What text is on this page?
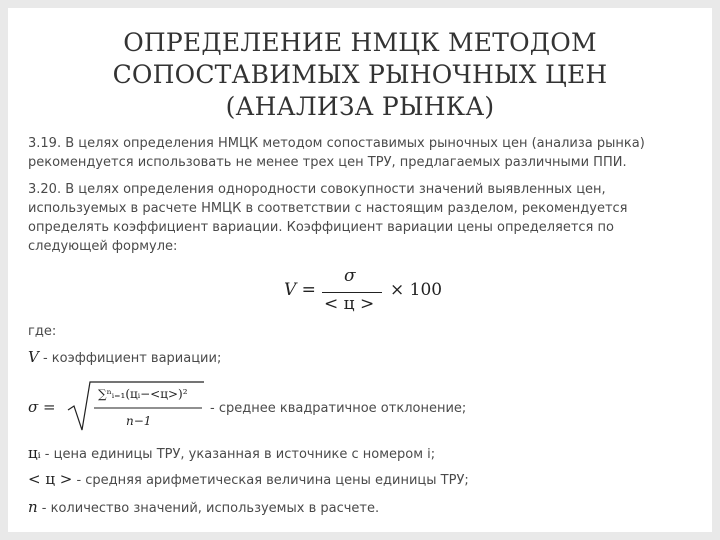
ОПРЕДЕЛЕНИЕ НМЦК МЕТОДОМ
СОПОСТАВИМЫХ РЫНОЧНЫХ ЦЕН
(АНАЛИЗА РЫНКА)
3.19. В целях определения НМЦК методом сопоставимых рыночных цен (анализа рынка)
рекомендуется использовать не менее трех цен ТРУ, предлагаемых различными ППИ.
3.20. В целях определения однородности совокупности значений выявленных цен,
используемых в расчете НМЦК в соответствии с настоящим разделом, рекомендуется
определять коэффициент вариации. Коэффициент вариации цены определяется по
следующей формуле:
V =
σ
< ц >
× 100
где:
V - коэффициент вариации;
σ =
∑ⁿᵢ₌₁(цᵢ−<ц>)²
n−1
- среднее квадратичное отклонение;
цᵢ - цена единицы ТРУ, указанная в источнике с номером i;
< ц > - средняя арифметическая величина цены единицы ТРУ;
n - количество значений, используемых в расчете.
